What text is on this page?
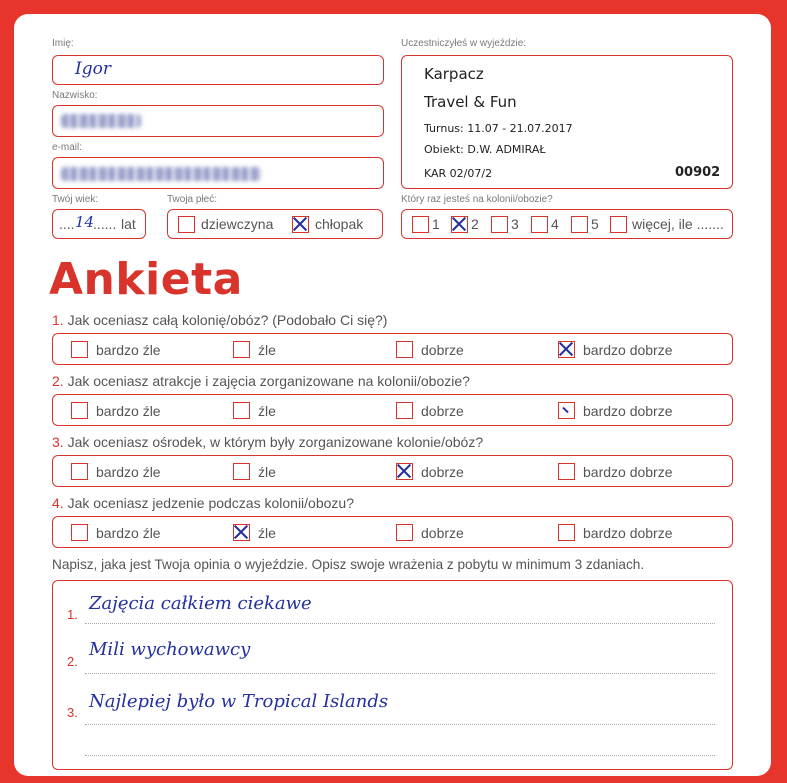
Imię:
Igor
Nazwisko:
e-mail:
Twój wiek:
.... 14
...... lat
Twoja płeć:
dziewczyna	chłopak
Uczestniczyłeś w wyjeździe:
Karpacz
Travel & Fun
Turnus: 11.07 - 21.07.2017
Obiekt: D.W. ADMIRAŁ
KAR 02/07/2	00902
Który raz jesteś na kolonii/obozie?
1 2 3 4 5 więcej, ile .......
Ankieta
1. Jak oceniasz całą kolonię/obóz? (Podobało Ci się?)
bardzo źle	źle	dobrze	bardzo dobrze
2. Jak oceniasz atrakcje i zajęcia zorganizowane na kolonii/obozie?
bardzo źle	źle	dobrze	bardzo dobrze
3. Jak oceniasz ośrodek, w którym były zorganizowane kolonie/obóz?
bardzo źle	źle	dobrze	bardzo dobrze
4. Jak oceniasz jedzenie podczas kolonii/obozu?
bardzo źle	źle	dobrze	bardzo dobrze
Napisz, jaka jest Twoja opinia o wyjeździe. Opisz swoje wrażenia z pobytu w minimum 3 zdaniach.
1.
Zajęcia całkiem ciekawe
2.
Mili wychowawcy
3.
Najlepiej było w Tropical Islands
